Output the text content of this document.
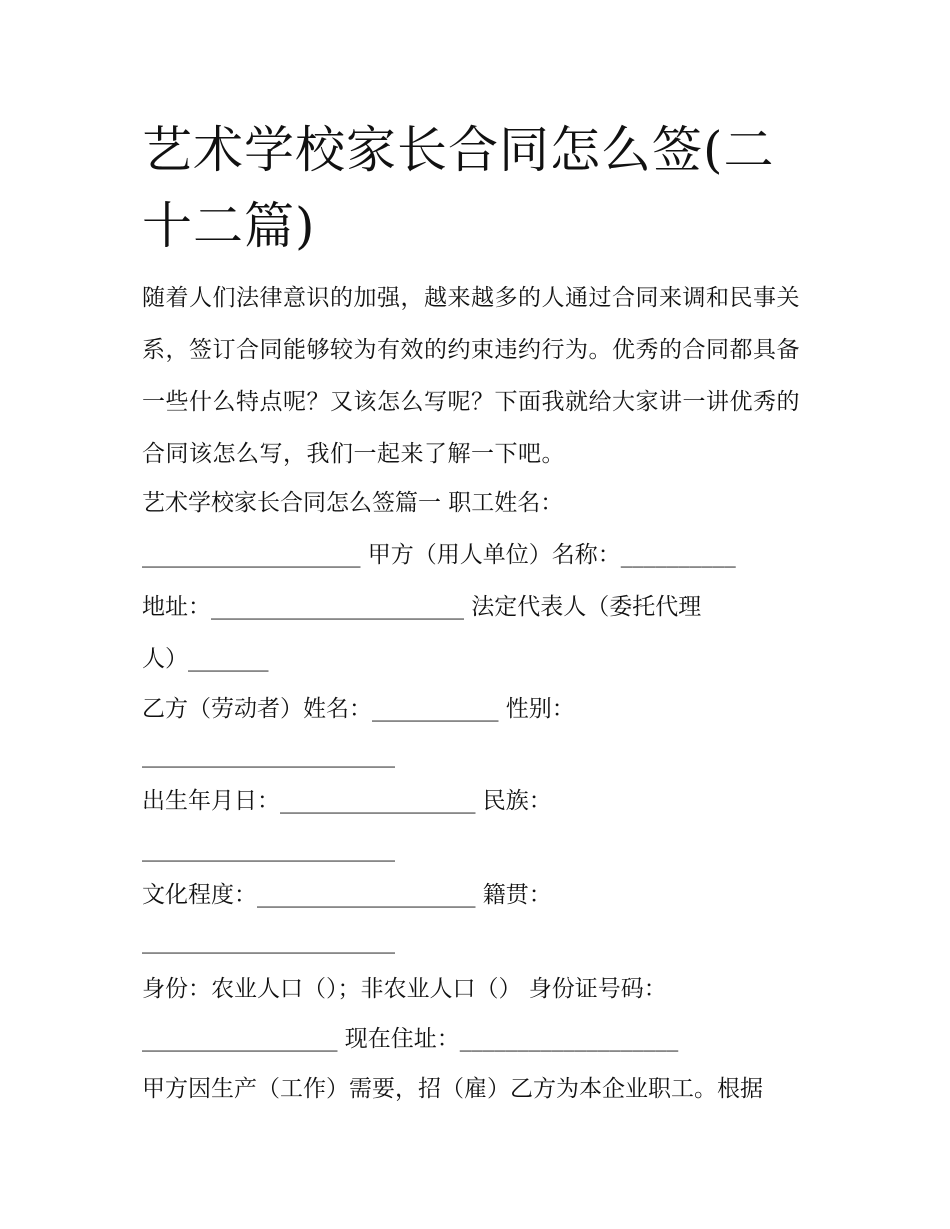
艺术学校家长合同怎么签(二十二篇)

随着人们法律意识的加强，越来越多的人通过合同来调和民事关系，签订合同能够较为有效的约束违约行为。优秀的合同都具备一些什么特点呢？又该怎么写呢？下面我就给大家讲一讲优秀的合同该怎么写，我们一起来了解一下吧。

艺术学校家长合同怎么签篇一 职工姓名：
___________________ 甲方（用人单位）名称：__________
地址：______________________ 法定代表人（委托代理
人）_______
乙方（劳动者）姓名：___________ 性别：
______________________
出生年月日：_________________ 民族：
______________________
文化程度：___________________ 籍贯：
______________________
身份：农业人口（）；非农业人口（） 身份证号码：
_________________ 现在住址：___________________
甲方因生产（工作）需要，招（雇）乙方为本企业职工。根据
